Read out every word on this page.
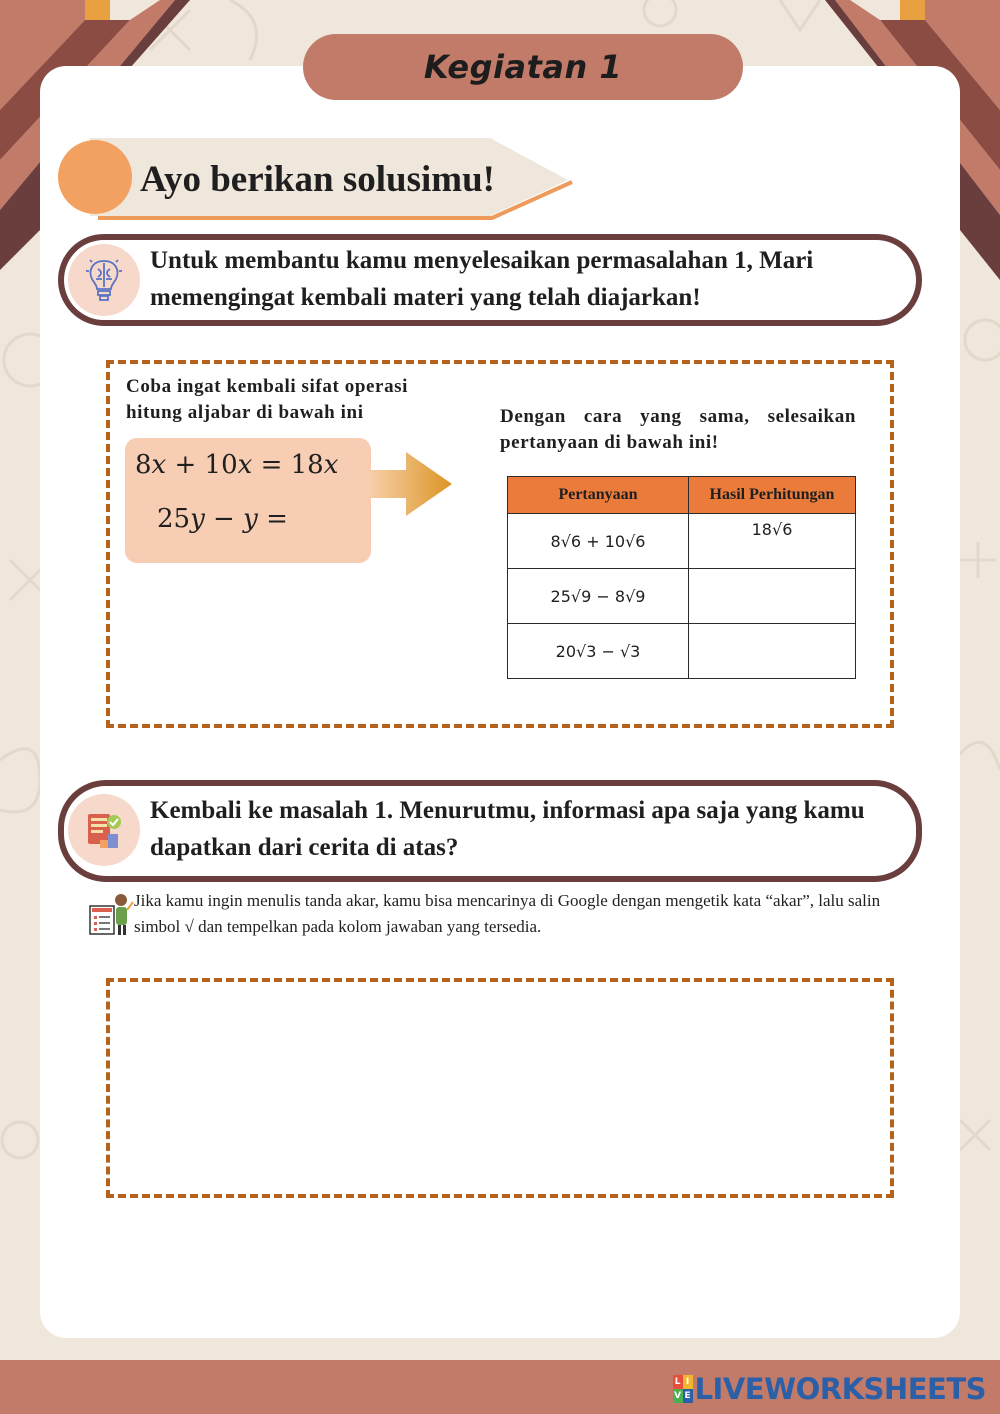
Kegiatan 1
Ayo berikan solusimu!
Untuk membantu kamu menyelesaikan permasalahan 1, Mari memengingat kembali materi yang telah diajarkan!
Coba ingat kembali sifat operasi hitung aljabar di bawah ini
8x + 10x = 18x
25y − y =
Dengan cara yang sama, selesaikan pertanyaan di bawah ini!
Pertanyaan	Hasil Perhitungan
8√6 + 10√6	18√6
25√9 − 8√9	
20√3 − √3	
Kembali ke masalah 1. Menurutmu, informasi apa saja yang kamu dapatkan dari cerita di atas?
Jika kamu ingin menulis tanda akar, kamu bisa mencarinya di Google dengan mengetik kata “akar”, lalu salin simbol √ dan tempelkan pada kolom jawaban yang tersedia.
L I
V E LIVEWORKSHEETS
